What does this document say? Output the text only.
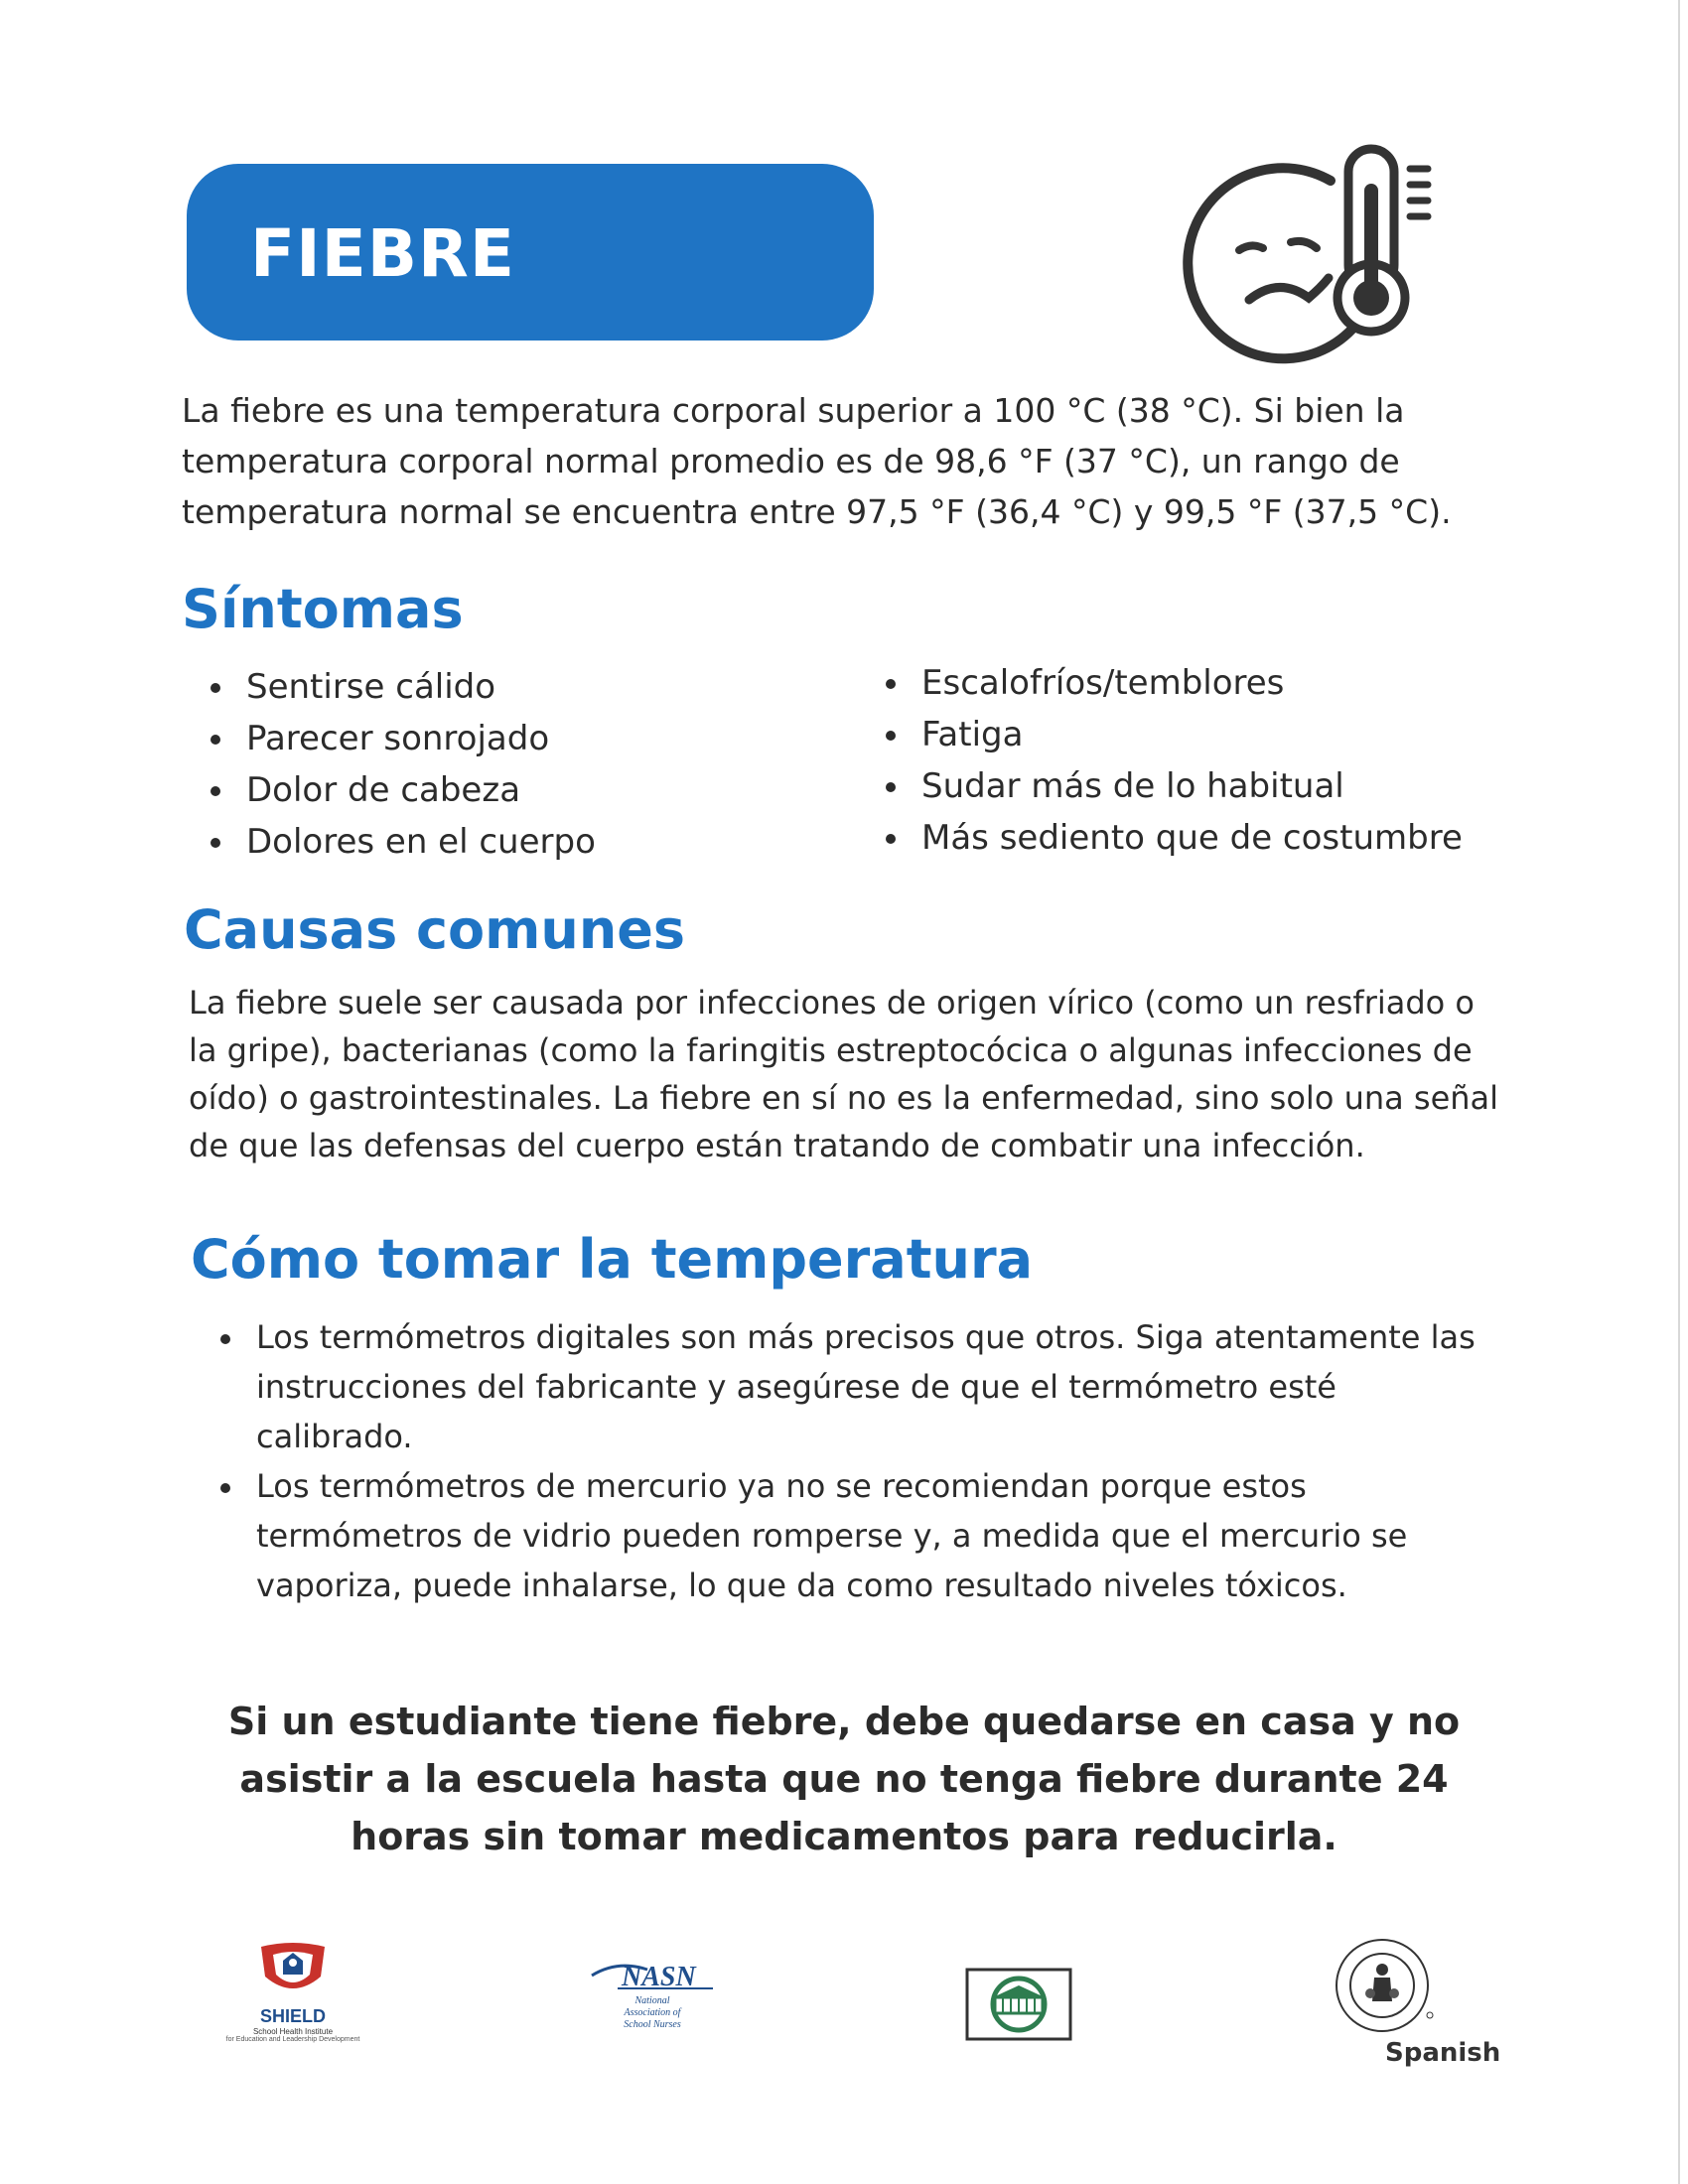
FIEBRE

La fiebre es una temperatura corporal superior a 100 °C (38 °C). Si bien la temperatura corporal normal promedio es de 98,6 °F (37 °C), un rango de temperatura normal se encuentra entre 97,5 °F (36,4 °C) y 99,5 °F (37,5 °C).

Síntomas
Sentirse cálido
Parecer sonrojado
Dolor de cabeza
Dolores en el cuerpo
Escalofríos/temblores
Fatiga
Sudar más de lo habitual
Más sediento que de costumbre
Causas comunes

La fiebre suele ser causada por infecciones de origen vírico (como un resfriado o la gripe), bacterianas (como la faringitis estreptocócica o algunas infecciones de oído) o gastrointestinales. La fiebre en sí no es la enfermedad, sino solo una señal de que las defensas del cuerpo están tratando de combatir una infección.

Cómo tomar la temperatura
Los termómetros digitales son más precisos que otros. Siga atentamente las instrucciones del fabricante y asegúrese de que el termómetro esté calibrado.
Los termómetros de mercurio ya no se recomiendan porque estos termómetros de vidrio pueden romperse y, a medida que el mercurio se vaporiza, puede inhalarse, lo que da como resultado niveles tóxicos.

Si un estudiante tiene fiebre, debe quedarse en casa y no asistir a la escuela hasta que no tenga fiebre durante 24 horas sin tomar medicamentos para reducirla.

SHIELD
School Health Institute
for Education and Leadership Development
NASN
National
Association of
School Nurses
Spanish
